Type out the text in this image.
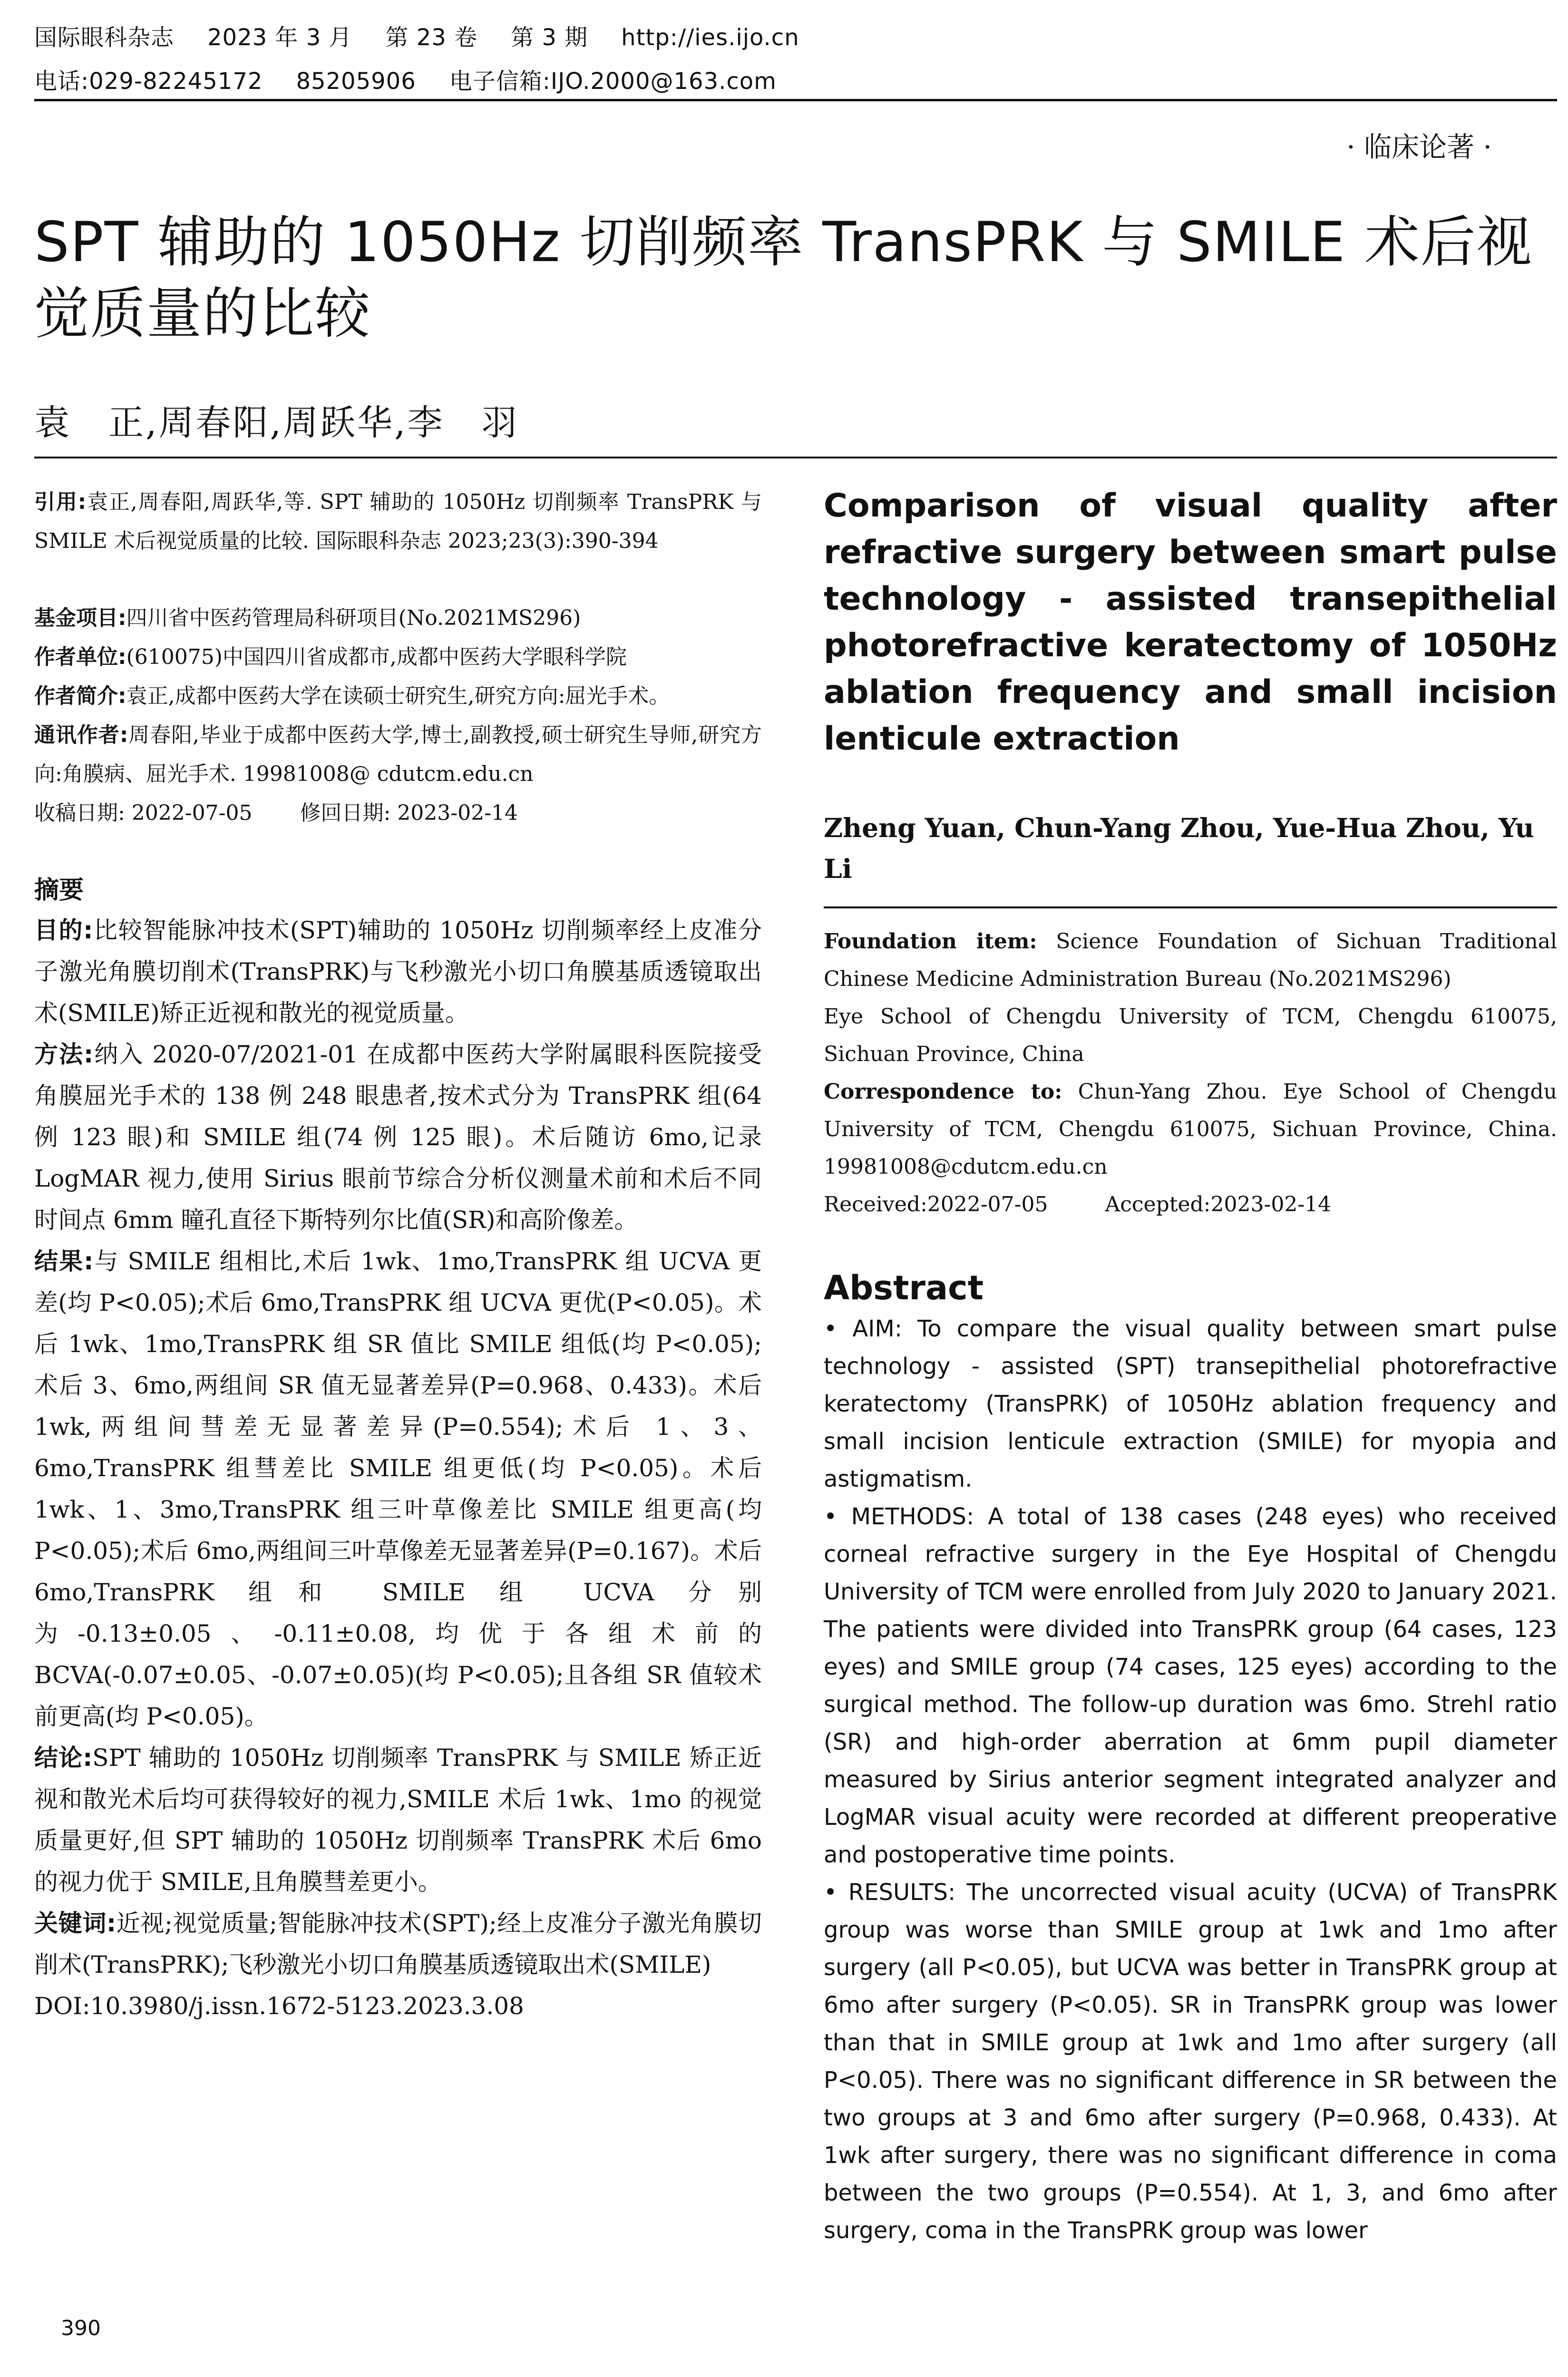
国际眼科杂志 2023 年 3 月 第 23 卷 第 3 期 http://ies.ijo.cn
电话:029-82245172 85205906 电子信箱:IJO.2000@163.com
· 临床论著 ·
SPT 辅助的 1050Hz 切削频率 TransPRK 与 SMILE 术后视觉质量的比较
袁　正,周春阳,周跃华,李　羽

引用:袁正,周春阳,周跃华,等. SPT 辅助的 1050Hz 切削频率 TransPRK 与 SMILE 术后视觉质量的比较. 国际眼科杂志 2023;23(3):390-394

基金项目:四川省中医药管理局科研项目(No.2021MS296)

作者单位:(610075)中国四川省成都市,成都中医药大学眼科学院

作者简介:袁正,成都中医药大学在读硕士研究生,研究方向:屈光手术。

通讯作者:周春阳,毕业于成都中医药大学,博士,副教授,硕士研究生导师,研究方向:角膜病、屈光手术. 19981008@ cdutcm.edu.cn

收稿日期: 2022-07-05 修回日期: 2023-02-14

摘要

目的:比较智能脉冲技术(SPT)辅助的 1050Hz 切削频率经上皮准分子激光角膜切削术(TransPRK)与飞秒激光小切口角膜基质透镜取出术(SMILE)矫正近视和散光的视觉质量。

方法:纳入 2020-07/2021-01 在成都中医药大学附属眼科医院接受角膜屈光手术的 138 例 248 眼患者,按术式分为 TransPRK 组(64 例 123 眼)和 SMILE 组(74 例 125 眼)。术后随访 6mo,记录 LogMAR 视力,使用 Sirius 眼前节综合分析仪测量术前和术后不同时间点 6mm 瞳孔直径下斯特列尔比值(SR)和高阶像差。

结果:与 SMILE 组相比,术后 1wk、1mo,TransPRK 组 UCVA 更差(均 P<0.05);术后 6mo,TransPRK 组 UCVA 更优(P<0.05)。术后 1wk、1mo,TransPRK 组 SR 值比 SMILE 组低(均 P<0.05);术后 3、6mo,两组间 SR 值无显著差异(P=0.968、0.433)。术后 1wk,两组间彗差无显著差异(P=0.554);术后 1、3、6mo,TransPRK 组彗差比 SMILE 组更低(均 P<0.05)。术后 1wk、1、3mo,TransPRK 组三叶草像差比 SMILE 组更高(均 P<0.05);术后 6mo,两组间三叶草像差无显著差异(P=0.167)。术后 6mo,TransPRK 组和 SMILE 组 UCVA 分别为-0.13±0.05、-0.11±0.08,均优于各组术前的 BCVA(-0.07±0.05、-0.07±0.05)(均 P<0.05);且各组 SR 值较术前更高(均 P<0.05)。

结论:SPT 辅助的 1050Hz 切削频率 TransPRK 与 SMILE 矫正近视和散光术后均可获得较好的视力,SMILE 术后 1wk、1mo 的视觉质量更好,但 SPT 辅助的 1050Hz 切削频率 TransPRK 术后 6mo 的视力优于 SMILE,且角膜彗差更小。

关键词:近视;视觉质量;智能脉冲技术(SPT);经上皮准分子激光角膜切削术(TransPRK);飞秒激光小切口角膜基质透镜取出术(SMILE)

DOI:10.3980/j.issn.1672-5123.2023.3.08

Comparison of visual quality after refractive surgery between smart pulse technology - assisted transepithelial photorefractive keratectomy of 1050Hz ablation frequency and small incision lenticule extraction

Zheng Yuan, Chun-Yang Zhou, Yue-Hua Zhou, Yu Li

Foundation item: Science Foundation of Sichuan Traditional Chinese Medicine Administration Bureau (No.2021MS296)

Eye School of Chengdu University of TCM, Chengdu 610075, Sichuan Province, China

Correspondence to: Chun-Yang Zhou. Eye School of Chengdu University of TCM, Chengdu 610075, Sichuan Province, China. 19981008@cdutcm.edu.cn

Received:2022-07-05	Accepted:2023-02-14

Abstract

• AIM: To compare the visual quality between smart pulse technology - assisted (SPT) transepithelial photorefractive keratectomy (TransPRK) of 1050Hz ablation frequency and small incision lenticule extraction (SMILE) for myopia and astigmatism.

• METHODS: A total of 138 cases (248 eyes) who received corneal refractive surgery in the Eye Hospital of Chengdu University of TCM were enrolled from July 2020 to January 2021. The patients were divided into TransPRK group (64 cases, 123 eyes) and SMILE group (74 cases, 125 eyes) according to the surgical method. The follow-up duration was 6mo. Strehl ratio (SR) and high-order aberration at 6mm pupil diameter measured by Sirius anterior segment integrated analyzer and LogMAR visual acuity were recorded at different preoperative and postoperative time points.

• RESULTS: The uncorrected visual acuity (UCVA) of TransPRK group was worse than SMILE group at 1wk and 1mo after surgery (all P<0.05), but UCVA was better in TransPRK group at 6mo after surgery (P<0.05). SR in TransPRK group was lower than that in SMILE group at 1wk and 1mo after surgery (all P<0.05). There was no significant difference in SR between the two groups at 3 and 6mo after surgery (P=0.968, 0.433). At 1wk after surgery, there was no significant difference in coma between the two groups (P=0.554). At 1, 3, and 6mo after surgery, coma in the TransPRK group was lower

390
